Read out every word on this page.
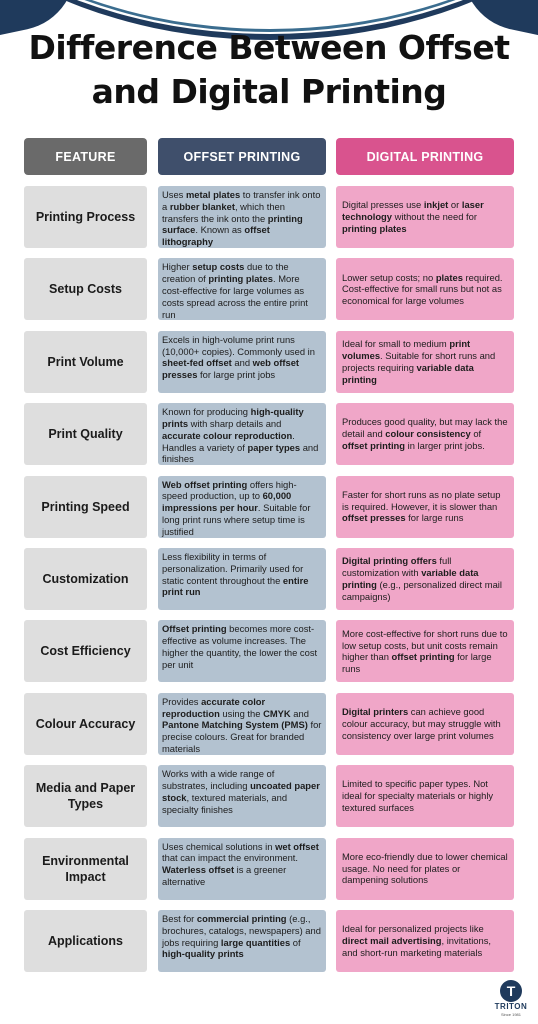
Difference Between Offset
and Digital Printing
FEATURE	OFFSET PRINTING	DIGITAL PRINTING
Printing Process
Uses metal plates to transfer ink onto a rubber blanket, which then transfers the ink onto the printing surface. Known as offset lithography
Digital presses use inkjet or laser technology without the need for printing plates
Setup Costs
Higher setup costs due to the creation of printing plates. More cost-effective for large volumes as costs spread across the entire print run
Lower setup costs; no plates required. Cost-effective for small runs but not as economical for large volumes
Print Volume
Excels in high-volume print runs (10,000+ copies). Commonly used in sheet-fed offset and web offset presses for large print jobs
Ideal for small to medium print volumes. Suitable for short runs and projects requiring variable data printing
Print Quality
Known for producing high-quality prints with sharp details and accurate colour reproduction. Handles a variety of paper types and finishes
Produces good quality, but may lack the detail and colour consistency of offset printing in larger print jobs.
Printing Speed
Web offset printing offers high-speed production, up to 60,000 impressions per hour. Suitable for long print runs where setup time is justified
Faster for short runs as no plate setup is required. However, it is slower than offset presses for large runs
Customization
Less flexibility in terms of personalization. Primarily used for static content throughout the entire print run
Digital printing offers full customization with variable data printing (e.g., personalized direct mail campaigns)
Cost Efficiency
Offset printing becomes more cost-effective as volume increases. The higher the quantity, the lower the cost per unit
More cost-effective for short runs due to low setup costs, but unit costs remain higher than offset printing for large runs
Colour Accuracy
Provides accurate color reproduction using the CMYK and Pantone Matching System (PMS) for precise colours. Great for branded materials
Digital printers can achieve good colour accuracy, but may struggle with consistency over large print volumes
Media and Paper Types
Works with a wide range of substrates, including uncoated paper stock, textured materials, and specialty finishes
Limited to specific paper types. Not ideal for specialty materials or highly textured surfaces
Environmental Impact
Uses chemical solutions in wet offset that can impact the environment. Waterless offset is a greener alternative
More eco-friendly due to lower chemical usage. No need for plates or dampening solutions
Applications
Best for commercial printing (e.g., brochures, catalogs, newspapers) and jobs requiring large quantities of high-quality prints
Ideal for personalized projects like direct mail advertising, invitations, and short-run marketing materials
T
TRITON
Since 1981
